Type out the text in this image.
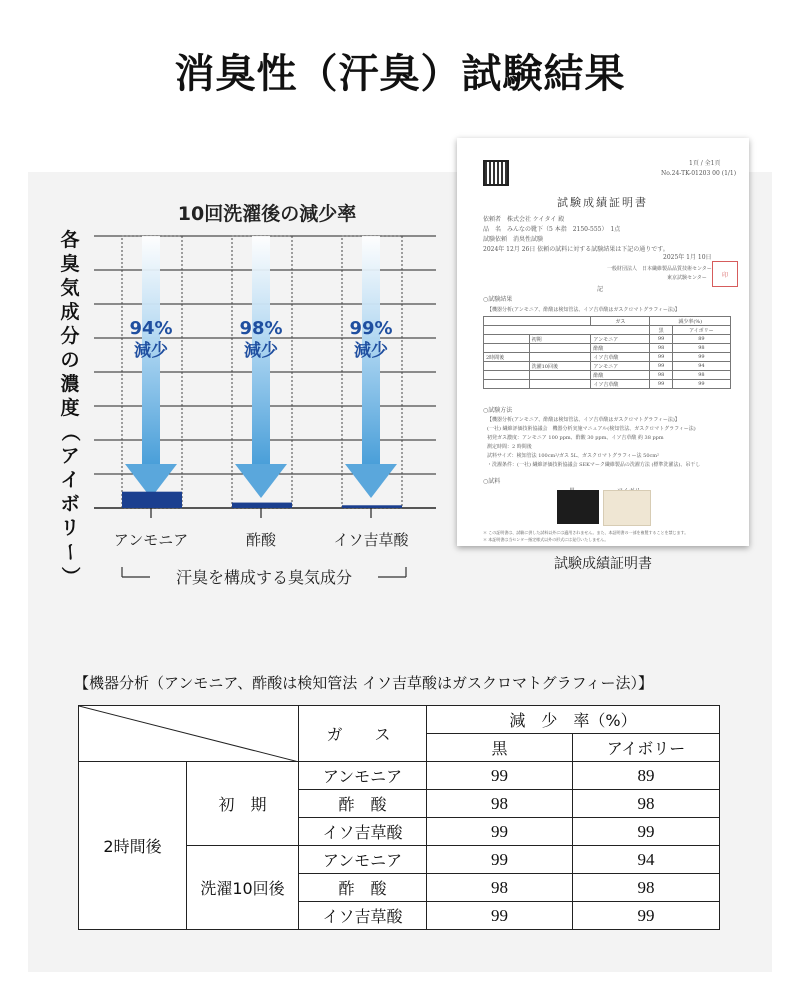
消臭性（汗臭）試験結果
10回洗濯後の減少率
各
臭
気
成
分
の
濃
度
（
ア
イ
ボ
リ
ー
）
94%
減少
98%
減少
99%
減少
アンモニア	酢酸	イソ吉草酸
汗臭を構成する臭気成分
1頁 / 全1頁
No.24-TK-01203 00 (1/1)
試験成績証明書
依頼者　株式会社 ケイタイ 殿
品　名　みんなの靴下（5 本指　2150-555）　1点
試験依頼　消臭性試験
2024年 12月 26日 依頼の試料に対する試験結果は下記の通りです。
2025年 1月 10日
一般財団法人　日本繊維製品品質技術センター
東京試験センター	印
記
○試験結果
【機器分析(アンモニア、酢酸は検知管法、イソ吉草酸はガスクロマトグラフィー法)】
		ガス	減少率(%)	
			黒	アイボリー
	初期	アンモニア	99	89
		酢酸	98	98
2時間後		イソ吉草酸	99	99
	洗濯10回後	アンモニア	99	94
		酢酸	98	98
		イソ吉草酸	99	99
○試験方法
【機器分析(アンモニア、酢酸は検知管法、イソ吉草酸はガスクロマトグラフィー法)】
(一社) 繊維評価技術協議会　機器分析実施マニュアル(検知管法、ガスクロマトグラフィー法)
初発ガス濃度：アンモニア 100 ppm、酢酸 30 ppm、イソ吉草酸 約 38 ppm
測定時間：2 時間後
試料サイズ：検知管法 100cm²/ガス 5L、ガスクロマトグラフィー法 50cm²
・洗濯条件：(一社) 繊維評価技術協議会 SEKマーク繊維製品の洗濯方法 (標準洗濯法)、吊干し
○試料
＊ この証明書は、試験に供した試料以外には適用されません。また、本証明書の一部を複製することを禁じます。
＊ 本証明書は当センター指定様式以外の形式には発行いたしません。
試験成績証明書
【機器分析（アンモニア、酢酸は検知管法 イソ吉草酸はガスクロマトグラフィー法）】
	ガ　ス	減　少　率（%）	
			黒	アイボリー
2時間後	初　期	アンモニア	99	89
		酢　酸	98	98
		イソ吉草酸	99	99
	洗濯10回後	アンモニア	99	94
		酢　酸	98	98
		イソ吉草酸	99	99
